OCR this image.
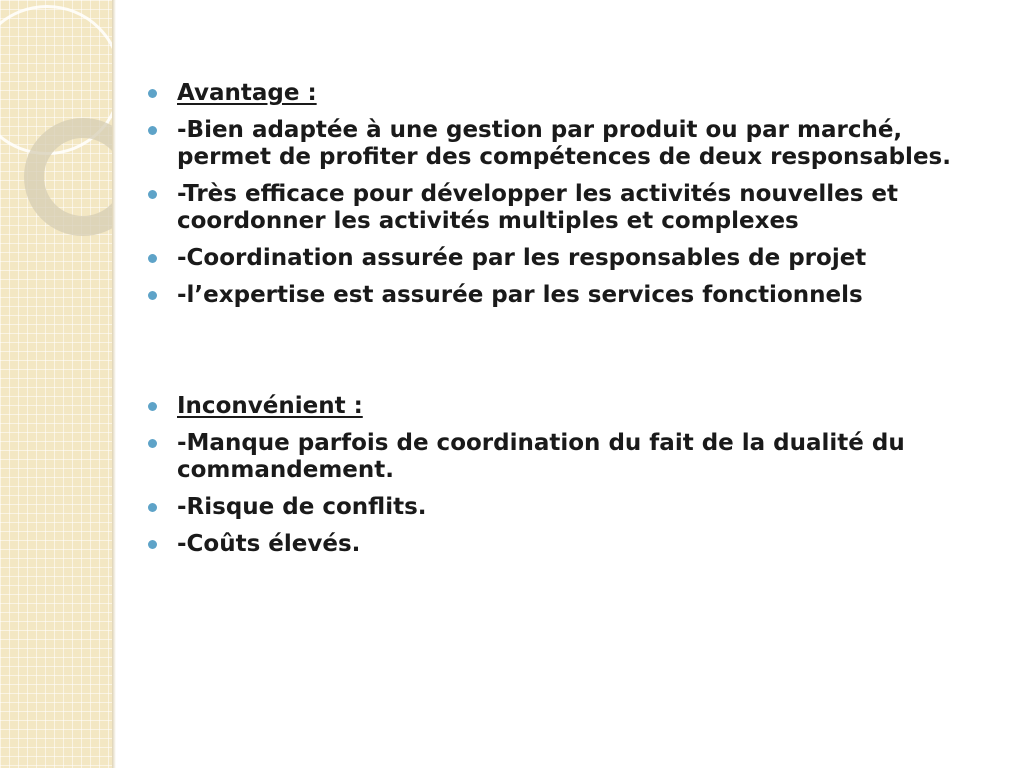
Avantage :
-Bien adaptée à une gestion par produit ou par marché, permet de profiter des compétences de deux responsables.
-Très efficace pour développer les activités nouvelles et coordonner les activités multiples et complexes
-Coordination assurée par les responsables de projet
-l’expertise est assurée par les services fonctionnels
Inconvénient :
-Manque parfois de coordination du fait de la dualité du commandement.
-Risque de conflits.
-Coûts élevés.
